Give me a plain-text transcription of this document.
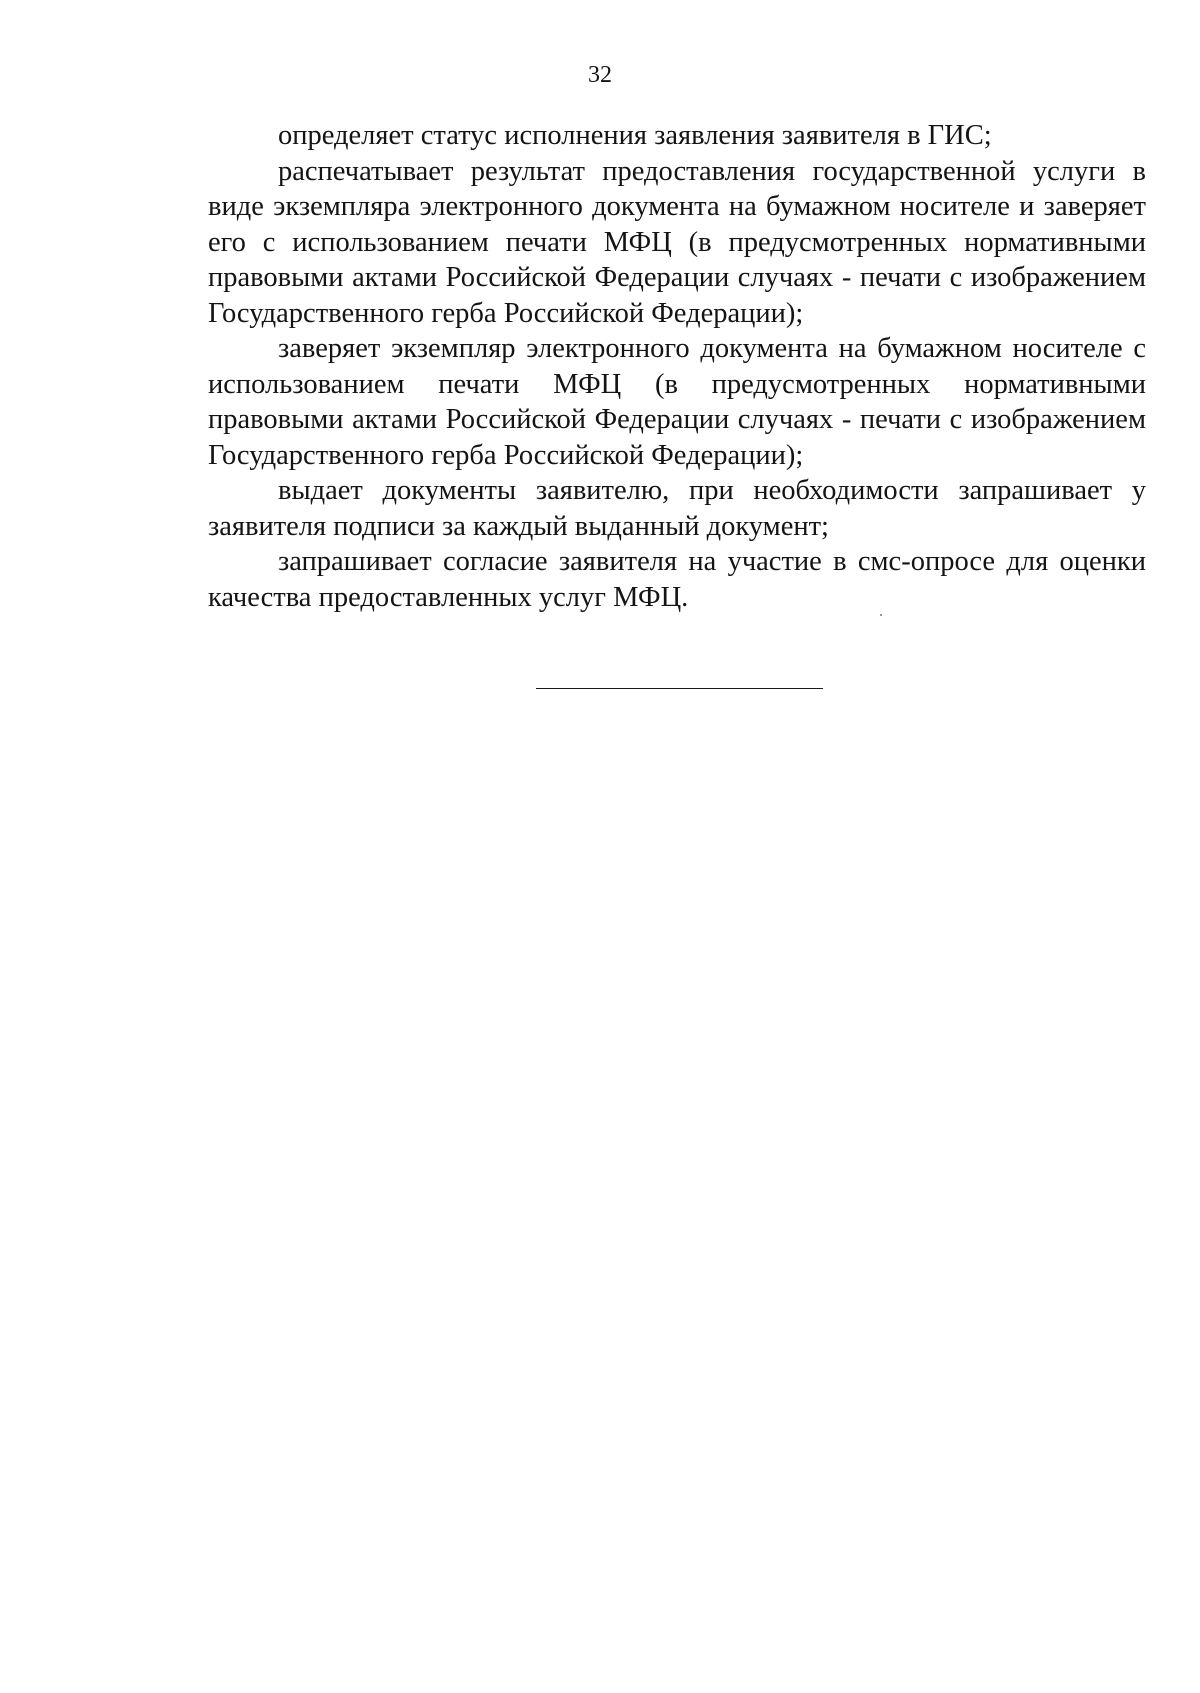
32

определяет статус исполнения заявления заявителя в ГИС;

распечатывает результат предоставления государственной услуги в виде экземпляра электронного документа на бумажном носителе и заверяет его с использованием печати МФЦ (в предусмотренных нормативными правовыми актами Российской Федерации случаях - печати с изображением Государственного герба Российской Федерации);

заверяет экземпляр электронного документа на бумажном носителе с использованием печати МФЦ (в предусмотренных нормативными правовыми актами Российской Федерации случаях - печати с изображением Государственного герба Российской Федерации);

выдает документы заявителю, при необходимости запрашивает у заявителя подписи за каждый выданный документ;

запрашивает согласие заявителя на участие в смс-опросе для оценки качества предоставленных услуг МФЦ.
